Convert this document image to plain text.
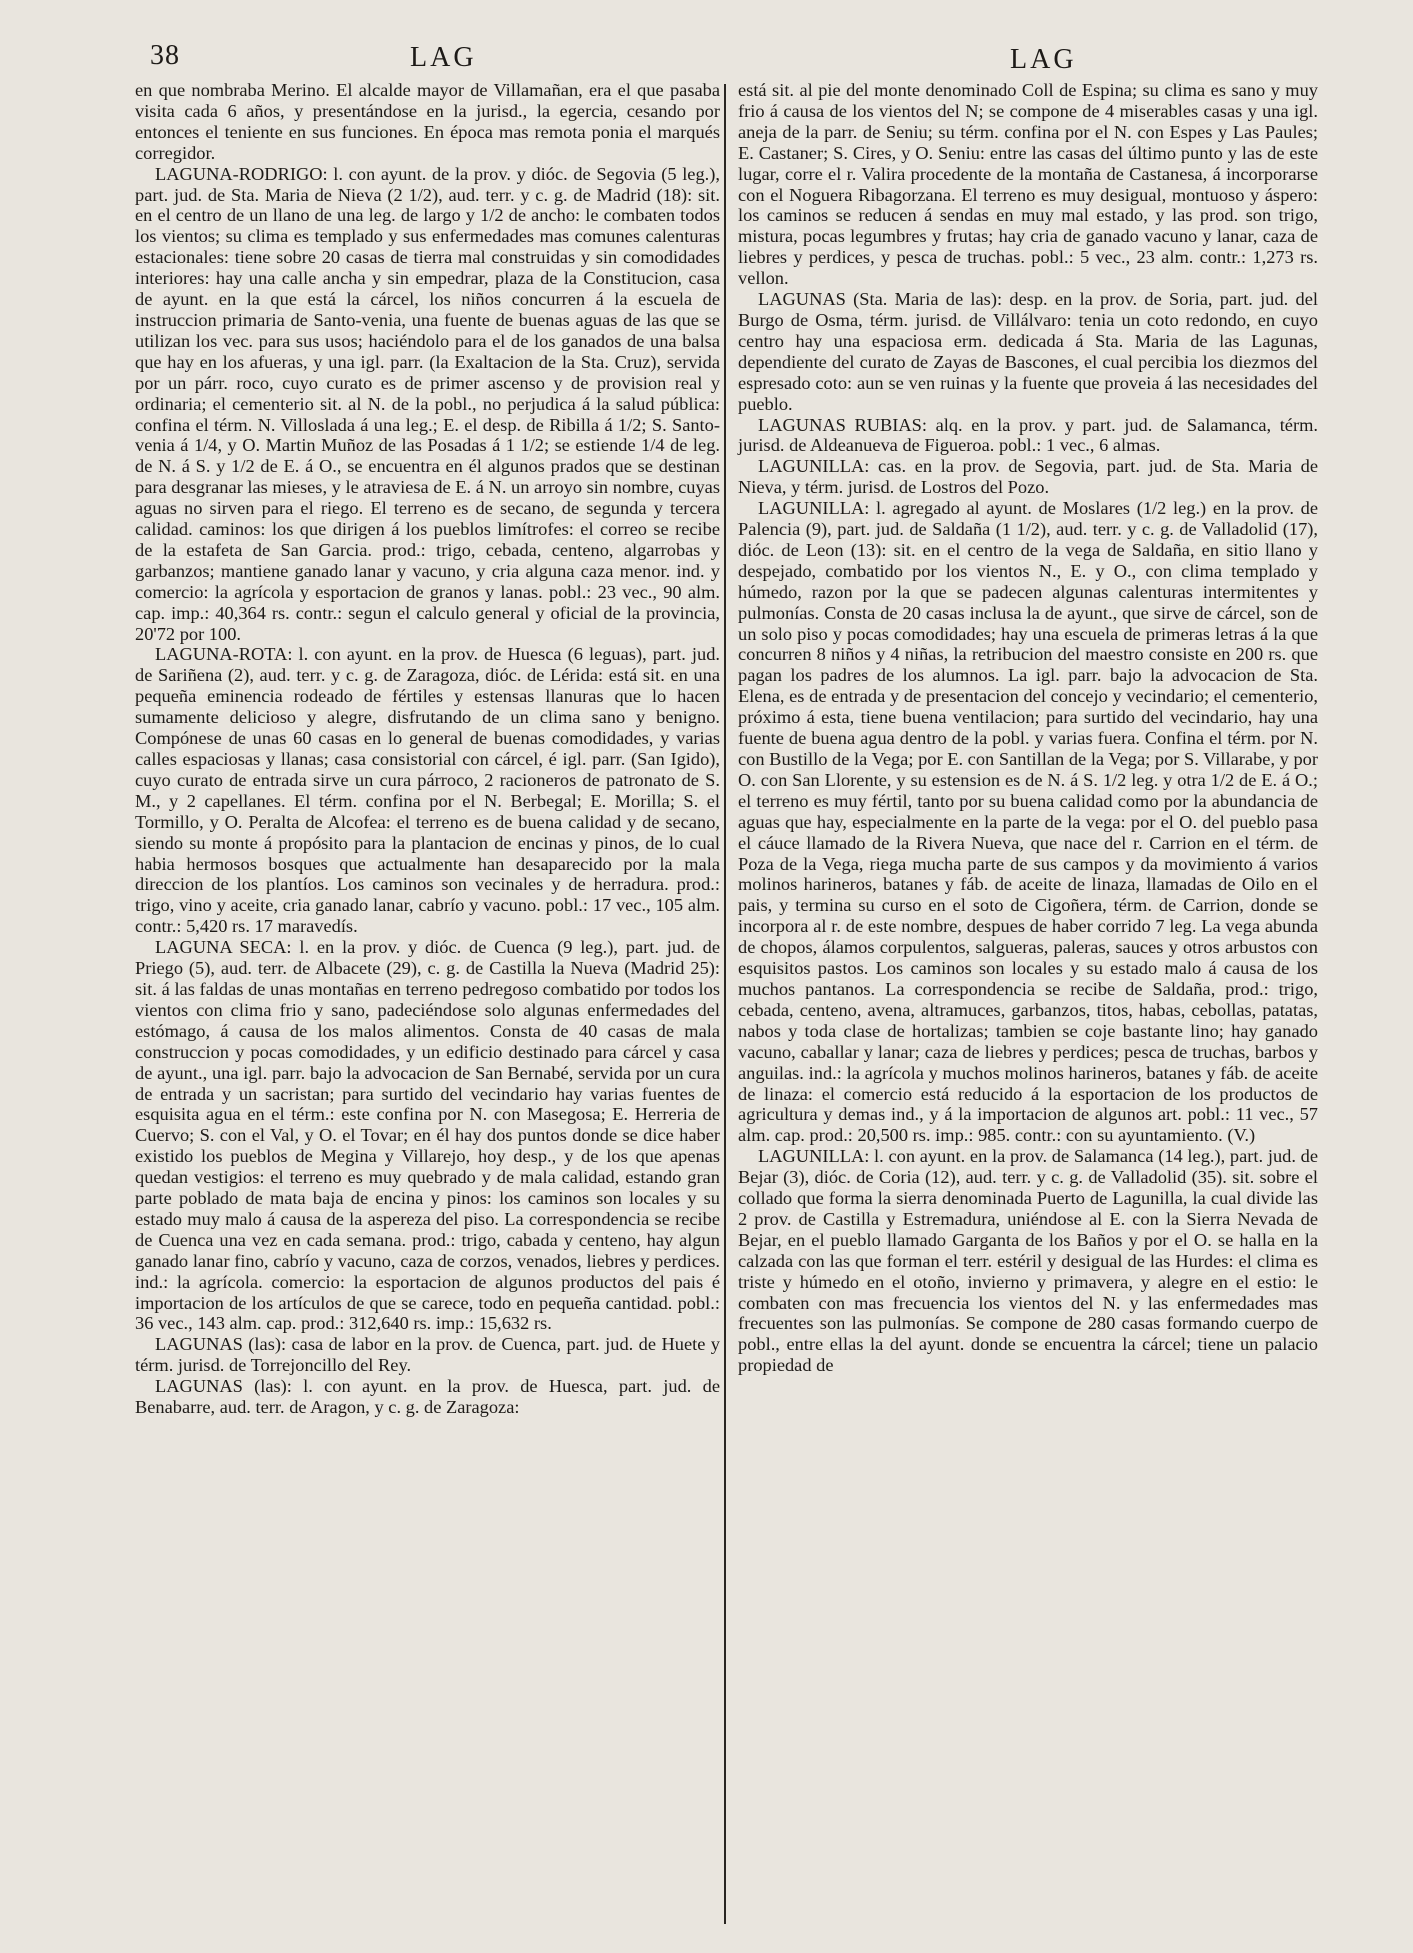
38	LAG	LAG

en que nombraba Merino. El alcalde mayor de Villamañan, era el que pasaba visita cada 6 años, y presentándose en la jurisd., la egercia, cesando por entonces el teniente en sus funciones. En época mas remota ponia el marqués corregidor.

LAGUNA-RODRIGO: l. con ayunt. de la prov. y dióc. de Segovia (5 leg.), part. jud. de Sta. Maria de Nieva (2 1/2), aud. terr. y c. g. de Madrid (18): sit. en el centro de un llano de una leg. de largo y 1/2 de ancho: le combaten todos los vientos; su clima es templado y sus enfermedades mas comunes calenturas estacionales: tiene sobre 20 casas de tierra mal construidas y sin comodidades interiores: hay una calle ancha y sin empedrar, plaza de la Constitucion, casa de ayunt. en la que está la cárcel, los niños concurren á la escuela de instruccion primaria de Santo-venia, una fuente de buenas aguas de las que se utilizan los vec. para sus usos; haciéndolo para el de los ganados de una balsa que hay en los afueras, y una igl. parr. (la Exaltacion de la Sta. Cruz), servida por un párr. roco, cuyo curato es de primer ascenso y de provision real y ordinaria; el cementerio sit. al N. de la pobl., no perjudica á la salud pública: confina el térm. N. Villoslada á una leg.; E. el desp. de Ribilla á 1/2; S. Santo-venia á 1/4, y O. Martin Muñoz de las Posadas á 1 1/2; se estiende 1/4 de leg. de N. á S. y 1/2 de E. á O., se encuentra en él algunos prados que se destinan para desgranar las mieses, y le atraviesa de E. á N. un arroyo sin nombre, cuyas aguas no sirven para el riego. El terreno es de secano, de segunda y tercera calidad. caminos: los que dirigen á los pueblos limítrofes: el correo se recibe de la estafeta de San Garcia. prod.: trigo, cebada, centeno, algarrobas y garbanzos; mantiene ganado lanar y vacuno, y cria alguna caza menor. ind. y comercio: la agrícola y esportacion de granos y lanas. pobl.: 23 vec., 90 alm. cap. imp.: 40,364 rs. contr.: segun el calculo general y oficial de la provincia, 20'72 por 100.

LAGUNA-ROTA: l. con ayunt. en la prov. de Huesca (6 leguas), part. jud. de Sariñena (2), aud. terr. y c. g. de Zaragoza, dióc. de Lérida: está sit. en una pequeña eminencia rodeado de fértiles y estensas llanuras que lo hacen sumamente delicioso y alegre, disfrutando de un clima sano y benigno. Compónese de unas 60 casas en lo general de buenas comodidades, y varias calles espaciosas y llanas; casa consistorial con cárcel, é igl. parr. (San Igido), cuyo curato de entrada sirve un cura párroco, 2 racioneros de patronato de S. M., y 2 capellanes. El térm. confina por el N. Berbegal; E. Morilla; S. el Tormillo, y O. Peralta de Alcofea: el terreno es de buena calidad y de secano, siendo su monte á propósito para la plantacion de encinas y pinos, de lo cual habia hermosos bosques que actualmente han desaparecido por la mala direccion de los plantíos. Los caminos son vecinales y de herradura. prod.: trigo, vino y aceite, cria ganado lanar, cabrío y vacuno. pobl.: 17 vec., 105 alm. contr.: 5,420 rs. 17 maravedís.

LAGUNA SECA: l. en la prov. y dióc. de Cuenca (9 leg.), part. jud. de Priego (5), aud. terr. de Albacete (29), c. g. de Castilla la Nueva (Madrid 25): sit. á las faldas de unas montañas en terreno pedregoso combatido por todos los vientos con clima frio y sano, padeciéndose solo algunas enfermedades del estómago, á causa de los malos alimentos. Consta de 40 casas de mala construccion y pocas comodidades, y un edificio destinado para cárcel y casa de ayunt., una igl. parr. bajo la advocacion de San Bernabé, servida por un cura de entrada y un sacristan; para surtido del vecindario hay varias fuentes de esquisita agua en el térm.: este confina por N. con Masegosa; E. Herreria de Cuervo; S. con el Val, y O. el Tovar; en él hay dos puntos donde se dice haber existido los pueblos de Megina y Villarejo, hoy desp., y de los que apenas quedan vestigios: el terreno es muy quebrado y de mala calidad, estando gran parte poblado de mata baja de encina y pinos: los caminos son locales y su estado muy malo á causa de la aspereza del piso. La correspondencia se recibe de Cuenca una vez en cada semana. prod.: trigo, cabada y centeno, hay algun ganado lanar fino, cabrío y vacuno, caza de corzos, venados, liebres y perdices. ind.: la agrícola. comercio: la esportacion de algunos productos del pais é importacion de los artículos de que se carece, todo en pequeña cantidad. pobl.: 36 vec., 143 alm. cap. prod.: 312,640 rs. imp.: 15,632 rs.

LAGUNAS (las): casa de labor en la prov. de Cuenca, part. jud. de Huete y térm. jurisd. de Torrejoncillo del Rey.

LAGUNAS (las): l. con ayunt. en la prov. de Huesca, part. jud. de Benabarre, aud. terr. de Aragon, y c. g. de Zaragoza:

está sit. al pie del monte denominado Coll de Espina; su clima es sano y muy frio á causa de los vientos del N; se compone de 4 miserables casas y una igl. aneja de la parr. de Seniu; su térm. confina por el N. con Espes y Las Paules; E. Castaner; S. Cires, y O. Seniu: entre las casas del último punto y las de este lugar, corre el r. Valira procedente de la montaña de Castanesa, á incorporarse con el Noguera Ribagorzana. El terreno es muy desigual, montuoso y áspero: los caminos se reducen á sendas en muy mal estado, y las prod. son trigo, mistura, pocas legumbres y frutas; hay cria de ganado vacuno y lanar, caza de liebres y perdices, y pesca de truchas. pobl.: 5 vec., 23 alm. contr.: 1,273 rs. vellon.

LAGUNAS (Sta. Maria de las): desp. en la prov. de Soria, part. jud. del Burgo de Osma, térm. jurisd. de Villálvaro: tenia un coto redondo, en cuyo centro hay una espaciosa erm. dedicada á Sta. Maria de las Lagunas, dependiente del curato de Zayas de Bascones, el cual percibia los diezmos del espresado coto: aun se ven ruinas y la fuente que proveia á las necesidades del pueblo.

LAGUNAS RUBIAS: alq. en la prov. y part. jud. de Salamanca, térm. jurisd. de Aldeanueva de Figueroa. pobl.: 1 vec., 6 almas.

LAGUNILLA: cas. en la prov. de Segovia, part. jud. de Sta. Maria de Nieva, y térm. jurisd. de Lostros del Pozo.

LAGUNILLA: l. agregado al ayunt. de Moslares (1/2 leg.) en la prov. de Palencia (9), part. jud. de Saldaña (1 1/2), aud. terr. y c. g. de Valladolid (17), dióc. de Leon (13): sit. en el centro de la vega de Saldaña, en sitio llano y despejado, combatido por los vientos N., E. y O., con clima templado y húmedo, razon por la que se padecen algunas calenturas intermitentes y pulmonías. Consta de 20 casas inclusa la de ayunt., que sirve de cárcel, son de un solo piso y pocas comodidades; hay una escuela de primeras letras á la que concurren 8 niños y 4 niñas, la retribucion del maestro consiste en 200 rs. que pagan los padres de los alumnos. La igl. parr. bajo la advocacion de Sta. Elena, es de entrada y de presentacion del concejo y vecindario; el cementerio, próximo á esta, tiene buena ventilacion; para surtido del vecindario, hay una fuente de buena agua dentro de la pobl. y varias fuera. Confina el térm. por N. con Bustillo de la Vega; por E. con Santillan de la Vega; por S. Villarabe, y por O. con San Llorente, y su estension es de N. á S. 1/2 leg. y otra 1/2 de E. á O.; el terreno es muy fértil, tanto por su buena calidad como por la abundancia de aguas que hay, especialmente en la parte de la vega: por el O. del pueblo pasa el cáuce llamado de la Rivera Nueva, que nace del r. Carrion en el térm. de Poza de la Vega, riega mucha parte de sus campos y da movimiento á varios molinos harineros, batanes y fáb. de aceite de linaza, llamadas de Oilo en el pais, y termina su curso en el soto de Cigoñera, térm. de Carrion, donde se incorpora al r. de este nombre, despues de haber corrido 7 leg. La vega abunda de chopos, álamos corpulentos, salgueras, paleras, sauces y otros arbustos con esquisitos pastos. Los caminos son locales y su estado malo á causa de los muchos pantanos. La correspondencia se recibe de Saldaña, prod.: trigo, cebada, centeno, avena, altramuces, garbanzos, titos, habas, cebollas, patatas, nabos y toda clase de hortalizas; tambien se coje bastante lino; hay ganado vacuno, caballar y lanar; caza de liebres y perdices; pesca de truchas, barbos y anguilas. ind.: la agrícola y muchos molinos harineros, batanes y fáb. de aceite de linaza: el comercio está reducido á la esportacion de los productos de agricultura y demas ind., y á la importacion de algunos art. pobl.: 11 vec., 57 alm. cap. prod.: 20,500 rs. imp.: 985. contr.: con su ayuntamiento. (V.)

LAGUNILLA: l. con ayunt. en la prov. de Salamanca (14 leg.), part. jud. de Bejar (3), dióc. de Coria (12), aud. terr. y c. g. de Valladolid (35). sit. sobre el collado que forma la sierra denominada Puerto de Lagunilla, la cual divide las 2 prov. de Castilla y Estremadura, uniéndose al E. con la Sierra Nevada de Bejar, en el pueblo llamado Garganta de los Baños y por el O. se halla en la calzada con las que forman el terr. estéril y desigual de las Hurdes: el clima es triste y húmedo en el otoño, invierno y primavera, y alegre en el estio: le combaten con mas frecuencia los vientos del N. y las enfermedades mas frecuentes son las pulmonías. Se compone de 280 casas formando cuerpo de pobl., entre ellas la del ayunt. donde se encuentra la cárcel; tiene un palacio propiedad de
